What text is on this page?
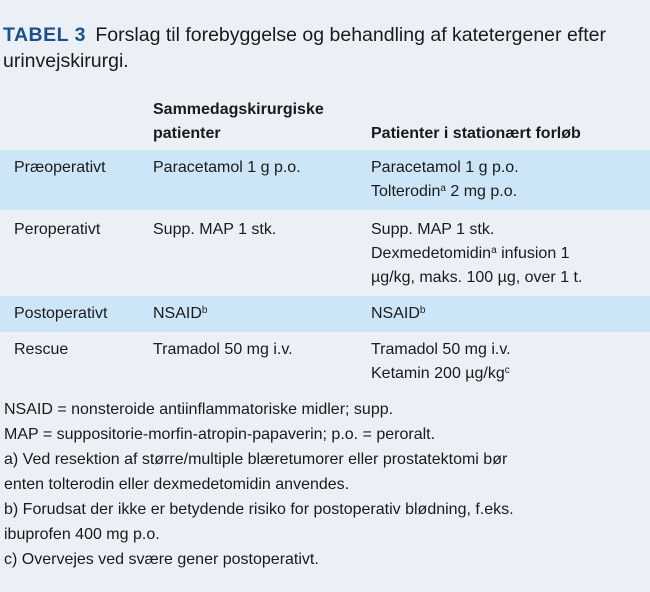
TABEL 3 Forslag til forebyggelse og behandling af katetergener efter urinvejskirurgi.
Sammedagskirurgiske
patienter	Patienter i stationært forløb
Præoperativt	Paracetamol 1 g p.o.	Paracetamol 1 g p.o.
Tolterodin$^a$ 2 mg p.o.
Peroperativt	Supp. MAP 1 stk.	Supp. MAP 1 stk.
Dexmedetomidin$^a$ infusion 1
µg/kg, maks. 100 µg, over 1 t.
Postoperativt	NSAID$^b$	NSAID$^b$
Rescue	Tramadol 50 mg i.v.	Tramadol 50 mg i.v.
Ketamin 200 $\mu g/kg^c$
NSAID = nonsteroide antiinflammatoriske midler; supp.
MAP = suppositorie-morfin-atropin-papaverin; p.o. = peroralt.
a) Ved resektion af større/multiple blæretumorer eller prostatektomi bør
enten tolterodin eller dexmedetomidin anvendes.
b) Forudsat der ikke er betydende risiko for postoperativ blødning, f.eks.
ibuprofen 400 mg p.o.
c) Overvejes ved svære gener postoperativt.
